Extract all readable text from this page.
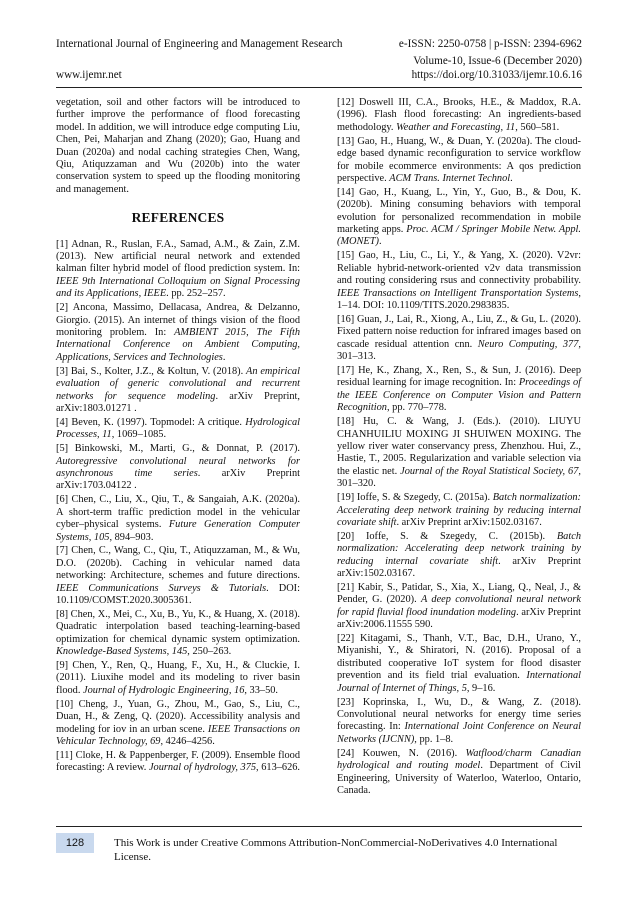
International Journal of Engineering and Management Research	e-ISSN: 2250-0758 | p-ISSN: 2394-6962
Volume-10, Issue-6 (December 2020)
www.ijemr.net	https://doi.org/10.31033/ijemr.10.6.16

vegetation, soil and other factors will be introduced to further improve the performance of flood forecasting model. In addition, we will introduce edge computing Liu, Chen, Pei, Maharjan and Zhang (2020); Gao, Huang and Duan (2020a) and nodal caching strategies Chen, Wang, Qiu, Atiquzzaman and Wu (2020b) into the water conservation system to speed up the flooding monitoring and management.

REFERENCES

[1] Adnan, R., Ruslan, F.A., Samad, A.M., & Zain, Z.M. (2013). New artificial neural network and extended kalman filter hybrid model of flood prediction system. In: IEEE 9th International Colloquium on Signal Processing and its Applications, IEEE. pp. 252–257.

[2] Ancona, Massimo, Dellacasa, Andrea, & Delzanno, Giorgio. (2015). An internet of things vision of the flood monitoring problem. In: AMBIENT 2015, The Fifth International Conference on Ambient Computing, Applications, Services and Technologies.

[3] Bai, S., Kolter, J.Z., & Koltun, V. (2018). An empirical evaluation of generic convolutional and recurrent networks for sequence modeling. arXiv Preprint, arXiv:1803.01271 .

[4] Beven, K. (1997). Topmodel: A critique. Hydrological Processes, 11, 1069–1085.

[5] Binkowski, M., Marti, G., & Donnat, P. (2017). Autoregressive convolutional neural networks for asynchronous time series. arXiv Preprint arXiv:1703.04122 .

[6] Chen, C., Liu, X., Qiu, T., & Sangaiah, A.K. (2020a). A short-term traffic prediction model in the vehicular cyber–physical systems. Future Generation Computer Systems, 105, 894–903.

[7] Chen, C., Wang, C., Qiu, T., Atiquzzaman, M., & Wu, D.O. (2020b). Caching in vehicular named data networking: Architecture, schemes and future directions. IEEE Communications Surveys & Tutorials. DOI: 10.1109/COMST.2020.3005361.

[8] Chen, X., Mei, C., Xu, B., Yu, K., & Huang, X. (2018). Quadratic interpolation based teaching-learning-based optimization for chemical dynamic system optimization. Knowledge-Based Systems, 145, 250–263.

[9] Chen, Y., Ren, Q., Huang, F., Xu, H., & Cluckie, I. (2011). Liuxihe model and its modeling to river basin flood. Journal of Hydrologic Engineering, 16, 33–50.

[10] Cheng, J., Yuan, G., Zhou, M., Gao, S., Liu, C., Duan, H., & Zeng, Q. (2020). Accessibility analysis and modeling for iov in an urban scene. IEEE Transactions on Vehicular Technology, 69, 4246–4256.

[11] Cloke, H. & Pappenberger, F. (2009). Ensemble flood forecasting: A review. Journal of hydrology, 375, 613–626.

[12] Doswell III, C.A., Brooks, H.E., & Maddox, R.A. (1996). Flash flood forecasting: An ingredients-based methodology. Weather and Forecasting, 11, 560–581.

[13] Gao, H., Huang, W., & Duan, Y. (2020a). The cloud-edge based dynamic reconfiguration to service workflow for mobile ecommerce environments: A qos prediction perspective. ACM Trans. Internet Technol.

[14] Gao, H., Kuang, L., Yin, Y., Guo, B., & Dou, K. (2020b). Mining consuming behaviors with temporal evolution for personalized recommendation in mobile marketing apps. Proc. ACM / Springer Mobile Netw. Appl. (MONET).

[15] Gao, H., Liu, C., Li, Y., & Yang, X. (2020). V2vr: Reliable hybrid-network-oriented v2v data transmission and routing considering rsus and connectivity probability. IEEE Transactions on Intelligent Transportation Systems, 1–14. DOI: 10.1109/TITS.2020.2983835.

[16] Guan, J., Lai, R., Xiong, A., Liu, Z., & Gu, L. (2020). Fixed pattern noise reduction for infrared images based on cascade residual attention cnn. Neuro Computing, 377, 301–313.

[17] He, K., Zhang, X., Ren, S., & Sun, J. (2016). Deep residual learning for image recognition. In: Proceedings of the IEEE Conference on Computer Vision and Pattern Recognition, pp. 770–778.

[18] Hu, C. & Wang, J. (Eds.). (2010). LIUYU CHANHUILIU MOXING JI SHUIWEN MOXING. The yellow river water conservancy press, Zhenzhou. Hui, Z., Hastie, T., 2005. Regularization and variable selection via the elastic net. Journal of the Royal Statistical Society, 67, 301–320.

[19] Ioffe, S. & Szegedy, C. (2015a). Batch normalization: Accelerating deep network training by reducing internal covariate shift. arXiv Preprint arXiv:1502.03167.

[20] Ioffe, S. & Szegedy, C. (2015b). Batch normalization: Accelerating deep network training by reducing internal covariate shift. arXiv Preprint arXiv:1502.03167.

[21] Kabir, S., Patidar, S., Xia, X., Liang, Q., Neal, J., & Pender, G. (2020). A deep convolutional neural network for rapid fluvial flood inundation modeling. arXiv Preprint arXiv:2006.11555 590.

[22] Kitagami, S., Thanh, V.T., Bac, D.H., Urano, Y., Miyanishi, Y., & Shiratori, N. (2016). Proposal of a distributed cooperative IoT system for flood disaster prevention and its field trial evaluation. International Journal of Internet of Things, 5, 9–16.

[23] Koprinska, I., Wu, D., & Wang, Z. (2018). Convolutional neural networks for energy time series forecasting. In: International Joint Conference on Neural Networks (IJCNN), pp. 1–8.

[24] Kouwen, N. (2016). Watflood/charm Canadian hydrological and routing model. Department of Civil Engineering, University of Waterloo, Waterloo, Ontario, Canada.

128	This Work is under Creative Commons Attribution-NonCommercial-NoDerivatives 4.0 International License.
